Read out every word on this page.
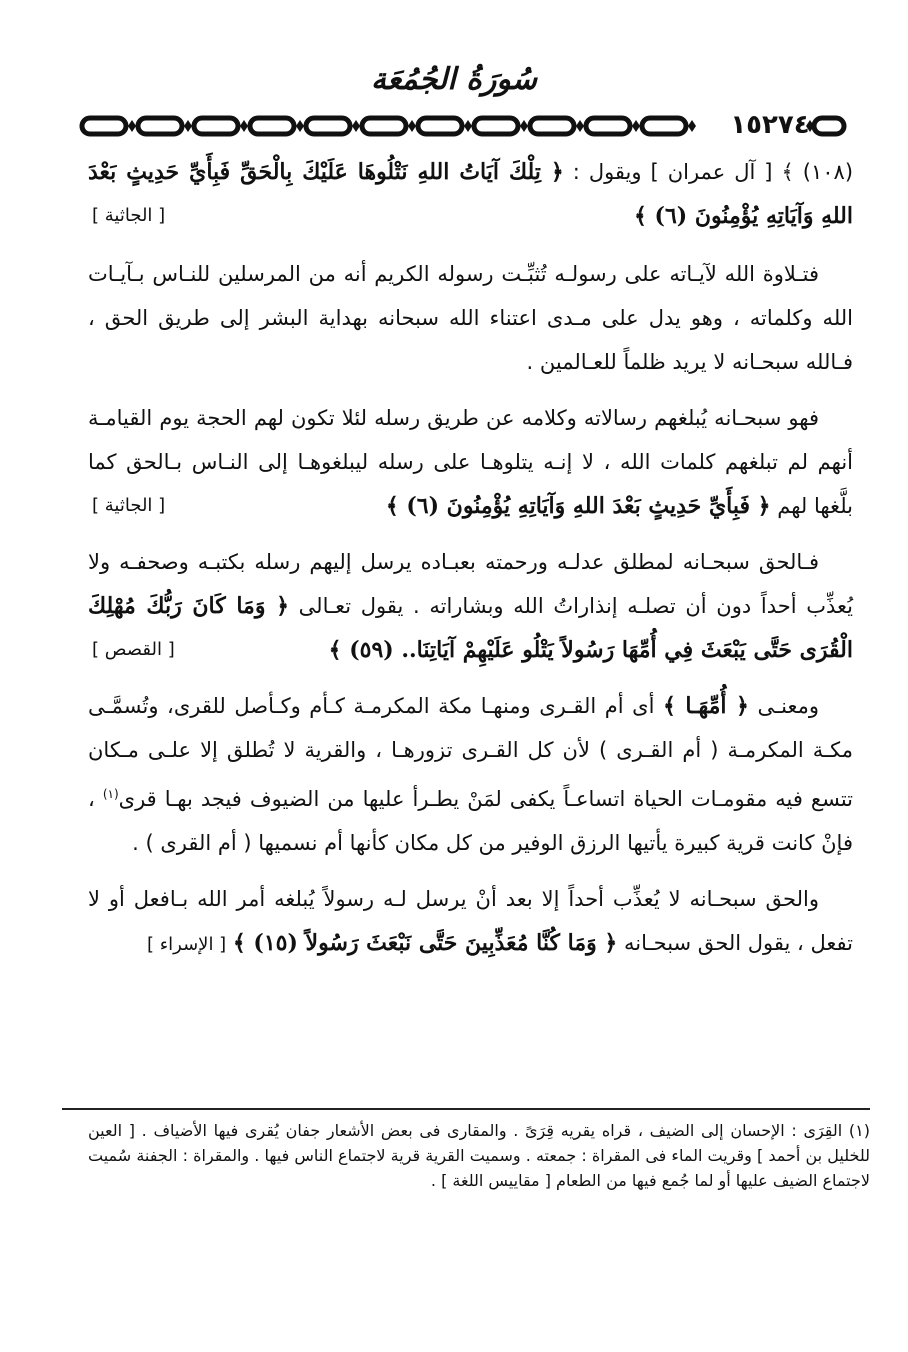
سُورَةُ الجُمُعَة
١٥٢٧٤

(١٠٨) ﴾ [ آل عمران ] ويقول : ﴿ تِلْكَ آيَاتُ اللهِ نَتْلُوهَا عَلَيْكَ بِالْحَقِّ فَبِأَيِّ حَدِيثٍ بَعْدَ اللهِ وَآيَاتِهِ يُؤْمِنُونَ (٦) ﴾
[ الجاثية ]

فتـلاوة الله لآيـاته على رسولـه تُثبِّـت رسوله الكريم أنه من المرسلين للنـاس بـآيـات الله وكلماته ، وهو يدل على مـدى اعتناء الله سبحانه بهداية البشر إلى طريق الحق ، فـالله سبحـانه لا يريد ظلماً للعـالمين .

فهو سبحـانه يُبلغهم رسالاته وكلامه عن طريق رسله لئلا تكون لهم الحجة يوم القيامـة أنهم لم تبلغهم كلمات الله ، لا إنـه يتلوهـا على رسله ليبلغوهـا إلى النـاس بـالحق كما بلَّغها لهم ﴿ فَبِأَيِّ حَدِيثٍ بَعْدَ اللهِ وَآيَاتِهِ يُؤْمِنُونَ (٦) ﴾
[ الجاثية ]

فـالحق سبحـانه لمطلق عدلـه ورحمته بعبـاده يرسل إليهم رسله بكتبـه وصحفـه ولا يُعذِّب أحداً دون أن تصلـه إنذاراتُ الله وبشاراته . يقول تعـالى ﴿ وَمَا كَانَ رَبُّكَ مُهْلِكَ الْقُرَى حَتَّى يَبْعَثَ فِي أُمِّهَا رَسُولاً يَتْلُو عَلَيْهِمْ آيَاتِنَا.. (٥٩) ﴾
[ القصص ]

ومعنـى ﴿ أُمِّهَـا ﴾ أى أم القـرى ومنهـا مكة المكرمـة كـأم وكـأصل للقرى، وتُسمَّـى مكـة المكرمـة ( أم القـرى ) لأن كل القـرى تزورهـا ، والقرية لا تُطلق إلا علـى مـكان تتسع فيه مقومـات الحياة اتساعـاً يكفى لمَنْ يطـرأ عليها من الضيوف فيجد بهـا قرى$^{(١)}$ ، فإنْ كانت قرية كبيرة يأتيها الرزق الوفير من كل مكان كأنها أم نسميها ( أم القرى ) .

والحق سبحـانه لا يُعذِّب أحداً إلا بعد أنْ يرسل لـه رسولاً يُبلغه أمر الله بـافعل أو لا تفعل ، يقول الحق سبحـانه ﴿ وَمَا كُنَّا مُعَذِّبِينَ حَتَّى نَبْعَثَ رَسُولاً (١٥) ﴾ [ الإسراء ]

(١) القِرَى : الإحسان إلى الضيف ، قراه يقريه قِرَىً . والمقارى فى بعض الأشعار جفان يُقرى فيها الأضياف . [ العين للخليل بن أحمد ] وقريت الماء فى المقراة : جمعته . وسميت القرية قرية لاجتماع الناس فيها . والمقراة : الجفنة سُميت لاجتماع الضيف عليها أو لما جُمع فيها من الطعام [ مقاييس اللغة ] .
